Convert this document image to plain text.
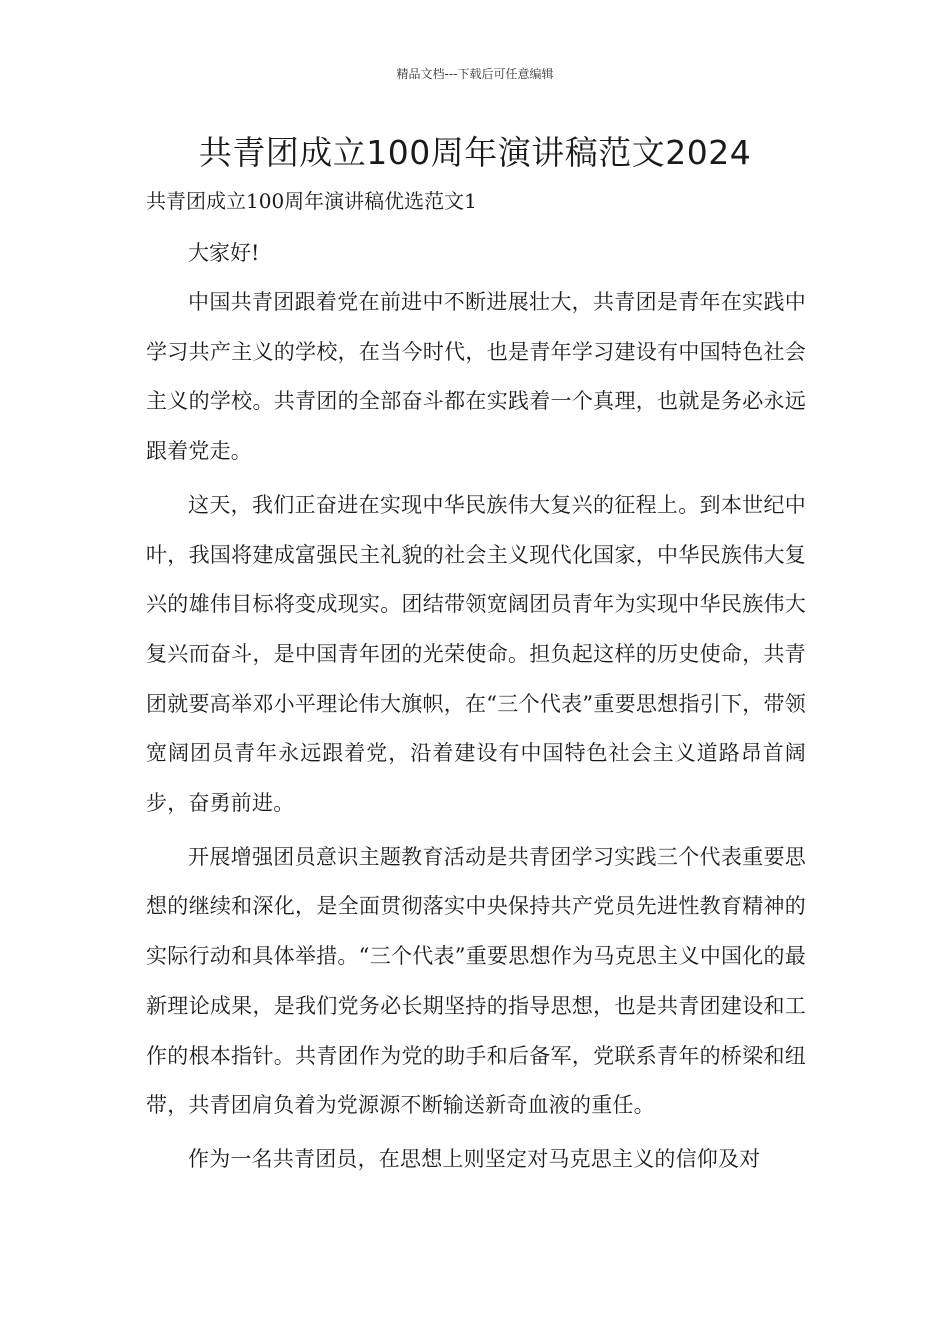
精品文档---下载后可任意编辑
共青团成立100周年演讲稿范文2024

共青团成立100周年演讲稿优选范文1

大家好!

中国共青团跟着党在前进中不断进展壮大，共青团是青年在实践中学习共产主义的学校，在当今时代，也是青年学习建设有中国特色社会主义的学校。共青团的全部奋斗都在实践着一个真理，也就是务必永远跟着党走。

这天，我们正奋进在实现中华民族伟大复兴的征程上。到本世纪中叶，我国将建成富强民主礼貌的社会主义现代化国家，中华民族伟大复兴的雄伟目标将变成现实。团结带领宽阔团员青年为实现中华民族伟大复兴而奋斗，是中国青年团的光荣使命。担负起这样的历史使命，共青团就要高举邓小平理论伟大旗帜，在“三个代表”重要思想指引下，带领宽阔团员青年永远跟着党，沿着建设有中国特色社会主义道路昂首阔步，奋勇前进。

开展增强团员意识主题教育活动是共青团学习实践三个代表重要思想的继续和深化，是全面贯彻落实中央保持共产党员先进性教育精神的实际行动和具体举措。“三个代表”重要思想作为马克思主义中国化的最 新理论成果，是我们党务必长期坚持的指导思想，也是共青团建设和工作的根本指针。共青团作为党的助手和后备军，党联系青年的桥梁和纽带，共青团肩负着为党源源不断输送新奇血液的重任。

作为一名共青团员，在思想上则坚定对马克思主义的信仰及对
